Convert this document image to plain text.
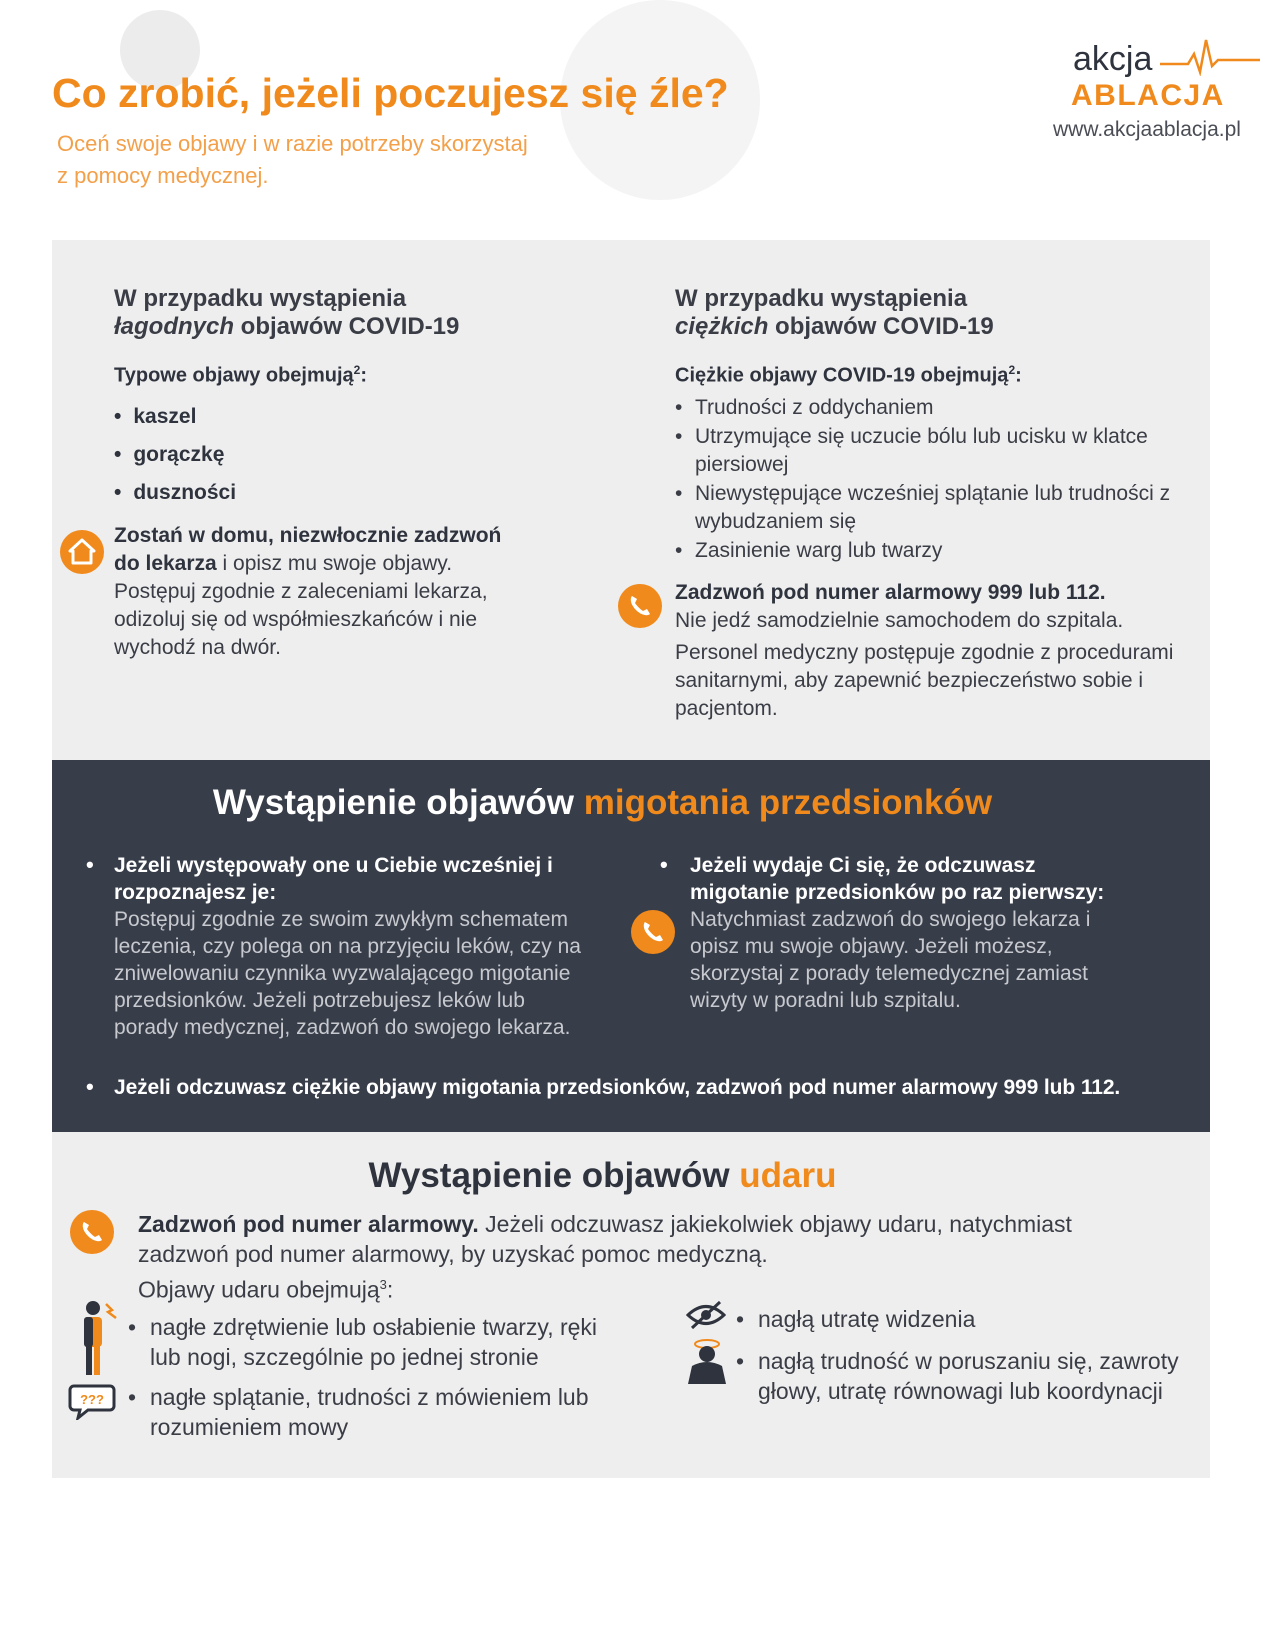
Co zrobić, jeżeli poczujesz się źle?
Oceń swoje objawy i w razie potrzeby skorzystaj
z pomocy medycznej.
akcja
ABLACJA
www.akcjaablacja.pl
W przypadku wystąpienia
łagodnych objawów COVID-19
Typowe objawy obejmują$^2$:
• kaszel
• gorączkę
• duszności
Zostań w domu, niezwłocznie zadzwoń do lekarza i opisz mu swoje objawy. Postępuj zgodnie z zaleceniami lekarza, odizoluj się od współmieszkańców i nie wychodź na dwór.
W przypadku wystąpienia
ciężkich objawów COVID-19
Ciężkie objawy COVID-19 obejmują$^2$:
• Trudności z oddychaniem
• Utrzymujące się uczucie bólu lub ucisku w klatce piersiowej
• Niewystępujące wcześniej splątanie lub trudności z wybudzaniem się
• Zasinienie warg lub twarzy
Zadzwoń pod numer alarmowy 999 lub 112.
Nie jedź samodzielnie samochodem do szpitala.
Personel medyczny postępuje zgodnie z procedurami sanitarnymi, aby zapewnić bezpieczeństwo sobie i pacjentom.
Wystąpienie objawów migotania przedsionków
• Jeżeli występowały one u Ciebie wcześniej i rozpoznajesz je:
Postępuj zgodnie ze swoim zwykłym schematem leczenia, czy polega on na przyjęciu leków, czy na zniwelowaniu czynnika wyzwalającego migotanie przedsionków. Jeżeli potrzebujesz leków lub porady medycznej, zadzwoń do swojego lekarza.
• Jeżeli wydaje Ci się, że odczuwasz migotanie przedsionków po raz pierwszy:
Natychmiast zadzwoń do swojego lekarza i opisz mu swoje objawy. Jeżeli możesz, skorzystaj z porady telemedycznej zamiast wizyty w poradni lub szpitalu.
• Jeżeli odczuwasz ciężkie objawy migotania przedsionków, zadzwoń pod numer alarmowy 999 lub 112.
Wystąpienie objawów udaru
Zadzwoń pod numer alarmowy. Jeżeli odczuwasz jakiekolwiek objawy udaru, natychmiast zadzwoń pod numer alarmowy, by uzyskać pomoc medyczną.
Objawy udaru obejmują$^3$:
• nagłe zdrętwienie lub osłabienie twarzy, ręki lub nogi, szczególnie po jednej stronie
??? • nagłe splątanie, trudności z mówieniem lub rozumieniem mowy
• nagłą utratę widzenia
• nagłą trudność w poruszaniu się, zawroty głowy, utratę równowagi lub koordynacji
